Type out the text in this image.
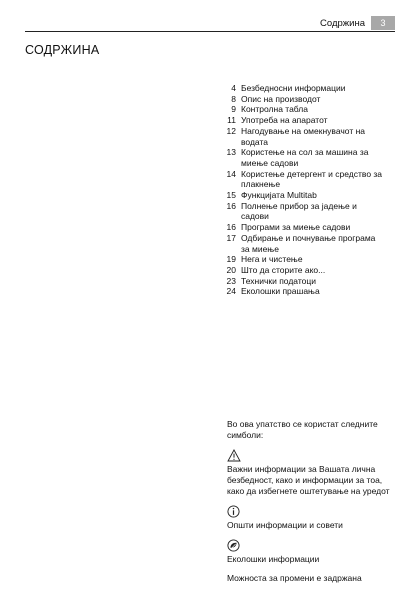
Содржина	3
СОДРЖИНА
4 Безбедносни информации
8 Опис на производот
9 Контролна табла
11 Употреба на апаратот
12 Нагодување на омекнувачот на водата
13 Користење на сол за машина за миење садови
14 Користење детергент и средство за плакнење
15 Функцијата Multitab
16 Полнење прибор за јадење и садови
16 Програми за миење садови
17 Одбирање и почнување програма за миење
19 Нега и чистење
20 Што да сторите ако...
23 Технички податоци
24 Еколошки прашања

Во ова упатство се користат следните симболи:

Важни информации за Вашата лична безбедност, како и информации за тоа, како да избегнете оштетување на уредот

Општи информации и совети

Еколошки информации

Можноста за промени е задржана
